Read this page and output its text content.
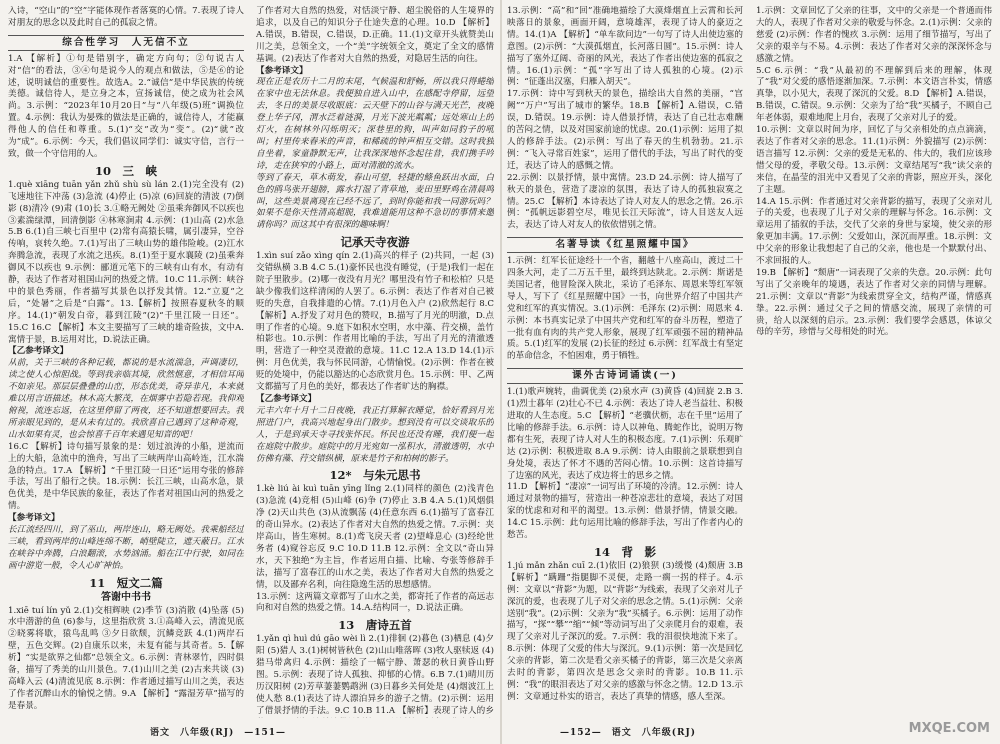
入诗，“空山”的“空”字能体现作者落寞的心情。7.表现了诗人对朋友的思念以及此时自己的孤寂之情。

综合性学习　人无信不立

1.A 【解析】①句是错别字，确定方向句；②句说古人对“信”的看法，③④句是说今人的观点和做法，⑤是⑥的论述，说明诚信的重要性。故选A。2.“诚信”是中华民族的传统美德。诚信待人，是立身之本，宣扬诚信，使之成为社会风尚。3.示例：“2023年10月20日”与“八年级(5)班”调换位置。4.示例：我认为晏殊的做法是正确的，诚信待人，才能赢得他人的信任和尊重。5.(1)“交”改为“变”。(2)“就”改为“成”。6.示例：今天，我们倡议同学们：诚实守信，言行一致，做一个守信用的人。

10　三　峡

1.què xiāng tuān yǎn zhǔ shù sù lán 2.(1)完全没有 (2)飞速地往下冲荡 (3)急流 (4)停止 (5)凉 (6)回旋的清波 (7)倒影 (8)清冷 (9)肃 (10)长 3.①略无阙处 ②虽乘奔御风不以疾也 ③素湍绿潭，回清倒影 ④林寒涧肃 4.示例：(1)山高 (2)水急 5.B 6.(1)自三峡七百里中 (2)常有高猿长啸，属引凄异，空谷传响，哀转久绝。7.(1)写出了三峡山势的雄伟险峻。(2)江水奔腾急流，表现了水流之迅疾。8.(1)至于夏水襄陵 (2)虽乘奔御风不以疾也 9.示例：郦道元笔下的三峡有山有水，有动有静，表达了作者对祖国山河的热爱之情。10.C 11.示例：峡谷中的景色秀丽，作者描写其景色以抒发其情。12.“立夏”之后，“处暑”之后是“白露”。13.【解析】按照春夏秋冬的顺序。14.(1)“朝发白帝，暮到江陵”(2)“千里江陵一日还”。15.C 16.C 【解析】本文主要描写了三峡的雄奇险拔，文中A.寓情于景，B.运用对比，D.说法正确。

【乙参考译文】

从前，关于三峡的各种记载，都说的是水流湍急，声调凄切，读之使人心惊胆战。等到我亲临其境，欣然惬意，才相信耳闻不如亲见。那层层叠叠的山峦，形态优美，奇异非凡，本来就难以用言语描述。林木高大繁茂，在烟雾中若隐若现。我仰观俯视，流连忘返，在这里停留了两夜，还不知道想要回去。我所亲眼见到的，是从未有过的。我欣喜自己遇到了这种奇观，山水如果有灵，也会惊喜千百年来遇见知音的吧！

16.C 【解析】诗句描写景象的是：划过浪涛的小船，逆流而上的大船，急流中的渔舟，写出了三峡两岸山高岭连，江水湍急的特点。17.A 【解析】“千里江陵一日还”运用夸张的修辞手法，写出了船行之快。18.示例：长江三峡，山高水急，景色优美，是中华民族的象征，表达了作者对祖国山河的热爱之情。

【参考译文】

长江流经四川，到了巫山，两岸连山，略无阙处。我乘船经过三峡，看到两岸的山峰连绵不断，峭壁陡立，遮天蔽日。江水在峡谷中奔腾，白浪翻滚，水势汹涌。船在江中行驶，如同在画中游览一般，令人心旷神怡。

11　短文二篇
答谢中书书

1.xiē tuí lín yǔ 2.(1)交相辉映 (2)季节 (3)消散 (4)坠落 (5)水中潜游的鱼 (6)参与，这里指欣赏 3.①高峰入云，清流见底 ②晓雾将歇，猿鸟乱鸣 ③夕日欲颓，沉鳞竞跃 4.(1)两岸石壁，五色交辉。(2)自康乐以来，未复有能与其奇者。5.【解析】“实是欲界之仙都”总领全文。6.示例：青林翠竹，四时俱备，描写了秀美的山川景色。7.(1)山川之美 (2)古来共谈 (3)高峰入云 (4)清流见底 8.示例：作者通过描写山川之美，表达了作者沉醉山水的愉悦之情。9.A 【解析】“露湿芳草”描写的是春景。

了作者对大自然的热爱，对恬淡宁静、超尘脱俗的人生境界的追求，以及自己的知识分子仕途失意的心理。10.D 【解析】A.错误，B.错误，C.错误，D.正确。11.(1)文章开头就赞美山川之美，总领全文，一个“美”字统领全文，奠定了全文的感情基调。(2)表达了作者对大自然的热爱，对隐居生活的向往。

【参考译文】

现在正是农历十二月的末尾，气候温和舒畅，所以我只得蜷缩在家中也无法休息。我便独自进入山中，在感配寺停留，远望去，冬日的美景尽收眼底：云天壁下的山谷与满天光芒，夜晚登上华子冈，渭水泛着涟漪，月光下波光粼粼；远处寒山上的灯火，在树林外闪烁明灭；深巷里的狗，叫声如同豹子的吼叫；村里传来舂米的声音，和稀疏的钟声相互交错。这时我独自坐着，家童静默无声，让我深深地怀念起往昔，我们携手吟诗，走在狭窄的小路上，面对清澈的流水。

等到了春天，草木萌发，春山可望，轻捷的鲦鱼跃出水面，白色的鸥鸟张开翅膀，露水打湿了青草地，麦田里野鸡在清晨鸣叫，这些美景离现在已经不远了，到时你能和我一同游玩吗？如果不是你天性清高超脱，我难道能用这种不急切的事情来邀请你吗？而这其中有很深的趣味啊！

记承天寺夜游

1.xìn suí zǎo xìng qín 2.(1)高兴的样子 (2)共同，一起 (3)交错纵横 3.B 4.C 5.(1)豪怀民也没有睡觉，(于是)我们一起在院子里散步。(2)哪一夜没有月光？哪里没有竹子和松柏？只是缺少像我们这样清闲的人罢了。6.示例：表达了作者对自己被贬的失意，自我排遣的心情。7.(1)月色入户 (2)欣然起行 8.C 【解析】A.抒发了对月色的赞叹，B.描写了月光的明澈，D.点明了作者的心境。9.庭下如积水空明，水中藻、荇交横，盖竹柏影也。10.示例：作者用比喻的手法，写出了月光的清澈透明，营造了一种空灵澄澈的意境。11.C 12.A 13.D 14.(1)示例：月色优美，我与怀民同游，心情愉悦。(2)示例：作者在被贬的处境中，仍能以豁达的心态欣赏月色。15.示例：甲、乙两文都描写了月色的美好，都表达了作者旷达的胸襟。

【乙参考译文】

元丰六年十月十二日夜晚，我正打算解衣睡觉，恰好看到月光照进门户，我高兴地起身出门散步。想到没有可以交谈取乐的人，于是到承天寺寻找张怀民。怀民也还没有睡，我们便一起在庭院中散步。庭院中的月光宛如一泓积水，清澈透明，水中仿佛有藻、荇交错纵横，原来是竹子和柏树的影子。

12*　与朱元思书

1.kè liú ài kuì tuān yīng lǐng 2.(1)同样的颜色 (2)浅青色 (3)急流 (4)竞相 (5)山峰 (6)争 (7)停止 3.B 4.A 5.(1)风烟俱净 (2)天山共色 (3)从流飘荡 (4)任意东西 6.(1)描写了富春江的奇山异水。(2)表达了作者对大自然的热爱之情。7.示例：夹岸高山，皆生寒树。8.(1)鸢飞戾天者 (2)望峰息心 (3)经纶世务者 (4)窥谷忘反 9.C 10.D 11.B 12.示例：全文以“奇山异水，天下独绝”为主旨，作者运用白描、比喻、夸张等修辞手法，描写了富春江的山水之美，表达了作者对大自然的热爱之情，以及鄙弃名利，向往隐逸生活的思想感情。

13.示例：这两篇文章都写了山水之美，都寄托了作者的高远志向和对自然的热爱之情。14.A.结构同一，D.说法正确。

13　唐诗五首

1.yǎn qì huì dú gāo wèi lì 2.(1)徘徊 (2)暮色 (3)栖息 (4)夕阳 (5)猎人 3.(1)树树皆秋色 (2)山山唯落晖 (3)牧人驱犊返 (4)猎马带禽归 4.示例：描绘了一幅宁静、萧瑟的秋日黄昏山野图。5.示例：表现了诗人孤独、抑郁的心情。6.B 7.(1)晴川历历汉阳树 (2)芳草萋萋鹦鹉洲 (3)日暮乡关何处是 (4)烟波江上使人愁 8.(1)表达了诗人漂泊异乡的游子之情。(2)示例：运用了借景抒情的手法。9.C 10.B 11.A 【解析】表现了诗人的乡

13.示例：“高”和“回”准确地描绘了大漠烽烟直上云霄和长河映落日的景象，画面开阔，意境雄浑，表现了诗人的豪迈之情。14.(1)A 【解析】“单车欲问边”一句写了诗人出使边塞的意图。(2)示例：“大漠孤烟直，长河落日圆”。15.示例：诗人描写了塞外辽阔、奇丽的风光，表达了作者出使边塞的孤寂之情。16.(1)示例：“孤”字写出了诗人孤独的心境。(2)示例：“征蓬出汉塞，归雁入胡天”。

17.示例：诗中写到秋天的景色，描绘出大自然的美丽，“宫阙”“万户”写出了城市的繁华。18.B 【解析】A.错误，C.错误，D.错误。19.示例：诗人借景抒情，表达了自己壮志难酬的苦闷之情，以及对国家前途的忧虑。20.(1)示例：运用了拟人的修辞手法。(2)示例：写出了春天的生机勃勃。21.示例：“飞入寻常百姓家”，运用了借代的手法，写出了时代的变迁，表达了诗人的感慨之情。

22.示例：以景抒情，景中寓情。23.D 24.示例：诗人描写了秋天的景色，营造了凄凉的氛围，表达了诗人的孤独寂寞之情。25.C 【解析】本诗表达了诗人对友人的思念之情。26.示例：“孤帆远影碧空尽，唯见长江天际流”，诗人目送友人远去，表达了诗人对友人的依依惜别之情。

名著导读《红星照耀中国》

1.示例：红军长征途经十一个省，翻越十八座高山，渡过二十四条大河，走了二万五千里，最终到达陕北。2.示例：斯诺是美国记者，他冒险深入陕北，采访了毛泽东、周恩来等红军领导人，写下了《红星照耀中国》一书，向世界介绍了中国共产党和红军的真实情况。3.(1)示例：毛泽东 (2)示例：周恩来 4.示例：本书真实记录了中国共产党和红军的奋斗历程，塑造了一批有血有肉的共产党人形象，展现了红军顽强不屈的精神品质。5.(1)红军的发展 (2)长征的经过 6.示例：红军战士有坚定的革命信念，不怕困难，勇于牺牲。

课外古诗词诵读(一)

1.(1)歌声婉转，曲调优美 (2)泉水声 (3)黄昏 (4)回旋 2.B 3.(1)烈士暮年 (2)壮心不已 4.示例：表达了诗人老当益壮、积极进取的人生态度。5.C 【解析】“老骥伏枥，志在千里”运用了比喻的修辞手法。6.示例：诗人以神龟、腾蛇作比，说明万物都有生死，表现了诗人对人生的积极态度。7.(1)示例：乐观旷达 (2)示例：积极进取 8.A 9.示例：诗人由眼前之景联想到自身处境，表达了怀才不遇的苦闷心情。10.示例：这首诗描写了边塞的风光，表达了戍边将士的思乡之情。

11.D 【解析】“凄凉”一词写出了环境的冷清。12.示例：诗人通过对景物的描写，营造出一种苍凉悲壮的意境，表达了对国家的忧虑和对和平的渴望。13.示例：借景抒情，情景交融。14.C 15.示例：此句运用比喻的修辞手法，写出了作者内心的愁苦。

14　背　影

1.jú mǎn zhǎn cuī 2.(1)依旧 (2)狼狈 (3)缓慢 (4)颓唐 3.B 【解析】“蹒跚”指腿脚不灵便，走路一瘸一拐的样子。4.示例：文章以“背影”为题，以“背影”为线索，表现了父亲对儿子深沉的爱，也表现了儿子对父亲的思念之情。5.(1)示例：父亲送别“我”。(2)示例：父亲为“我”买橘子。6.示例：运用了动作描写，“探”“攀”“缩”“倾”等动词写出了父亲爬月台的艰难，表现了父亲对儿子深沉的爱。7.示例：我的泪很快地流下来了。8.示例：体现了父爱的伟大与深沉。9.(1)示例：第一次是回忆父亲的背影，第二次是看父亲买橘子的背影，第三次是父亲离去时的背影，第四次是思念父亲时的背影。10.B 11.示例：“我”的眼泪表达了对父亲的感激与怀念之情。12.D 13.示例：文章通过朴实的语言，表达了真挚的情感，感人至深。

1.示例：文章回忆了父亲的往事，文中的父亲是一个普通而伟大的人，表现了作者对父亲的敬爱与怀念。2.(1)示例：父亲的慈爱 (2)示例：作者的愧疚 3.示例：运用了细节描写，写出了父亲的艰辛与不易。4.示例：表达了作者对父亲的深深怀念与感激之情。

5.C 6.示例：“我”从最初的不理解到后来的理解，体现了“我”对父爱的感悟逐渐加深。7.示例：本文语言朴实，情感真挚，以小见大，表现了深沉的父爱。8.D 【解析】A.错误，B.错误，C.错误。9.示例：父亲为了给“我”买橘子，不顾自己年老体弱，艰难地爬上月台，表现了父亲对儿子的爱。

10.示例：文章以时间为序，回忆了与父亲相处的点点滴滴，表达了作者对父亲的思念。11.(1)示例：外貌描写 (2)示例：语言描写 12.示例：父亲的爱是无私的、伟大的，我们应该珍惜父母的爱，孝敬父母。13.示例：文章结尾写“我”读父亲的来信，在晶莹的泪光中又看见了父亲的背影，照应开头，深化了主题。

14.A 15.示例：作者通过对父亲背影的描写，表现了父亲对儿子的关爱，也表现了儿子对父亲的理解与怀念。16.示例：文章运用了插叙的手法，交代了父亲的身世与家境，使父亲的形象更加丰满。17.示例：父爱如山，深沉而厚重。18.示例：文中父亲的形象让我想起了自己的父亲，他也是一个默默付出、不求回报的人。

19.B 【解析】“颓唐”一词表现了父亲的失意。20.示例：此句写出了父亲晚年的境遇，表达了作者对父亲的同情与理解。21.示例：文章以“背影”为线索贯穿全文，结构严谨，情感真挚。22.示例：通过父子之间的情感交流，展现了亲情的可贵，给人以深刻的启示。23.示例：我们要学会感恩，体谅父母的辛劳，珍惜与父母相处的时光。

语文　八年级(RJ)　—151—	—152—　语文　八年级(RJ)	MXQE.COM
